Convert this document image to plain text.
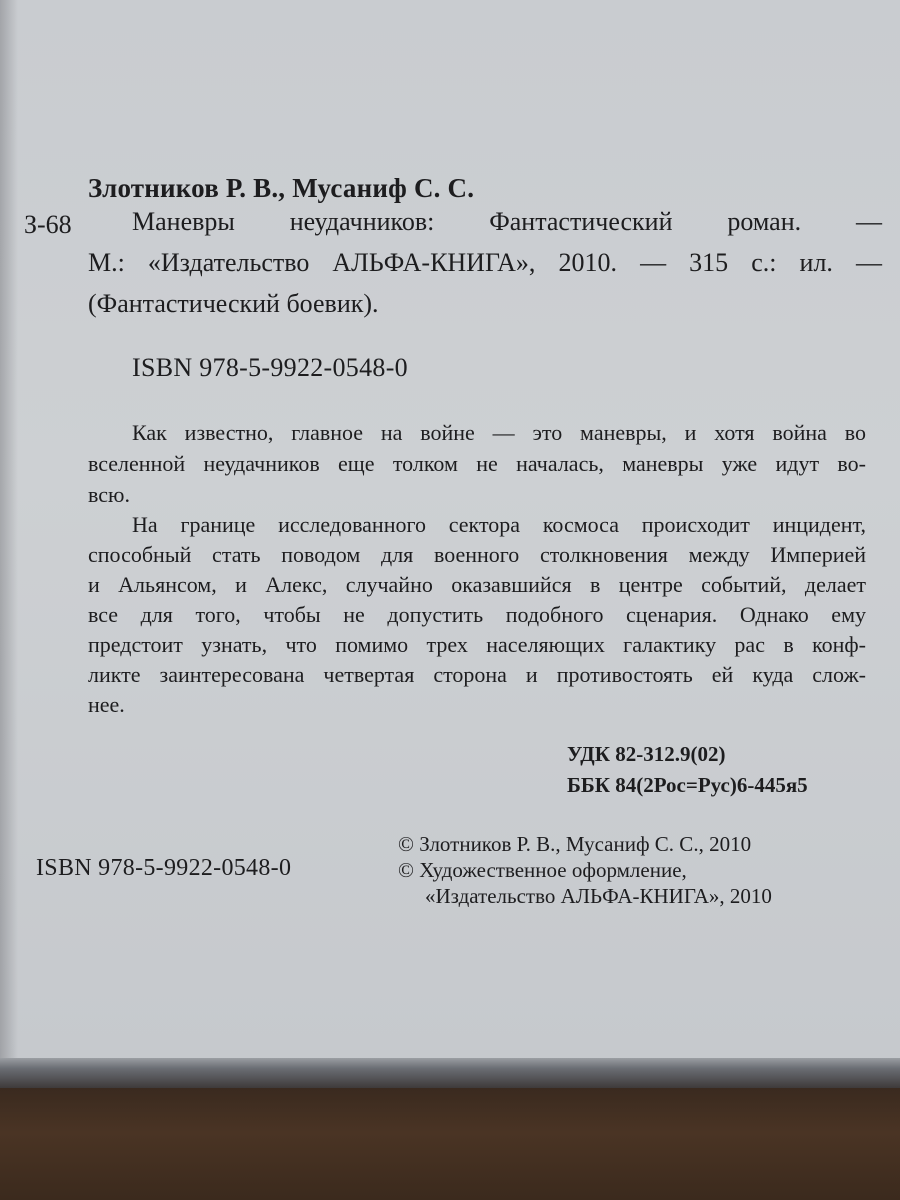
Злотников Р. В., Мусаниф С. С.
З-68 Маневры неудачников: Фантастический роман. —
М.: «Издательство АЛЬФА-КНИГА», 2010. — 315 с.: ил. —
(Фантастический боевик).
ISBN 978-5-9922-0548-0
Как известно, главное на войне — это маневры, и хотя война во
вселенной неудачников еще толком не началась, маневры уже идут во-
всю.
На границе исследованного сектора космоса происходит инцидент,
способный стать поводом для военного столкновения между Империей
и Альянсом, и Алекс, случайно оказавшийся в центре событий, делает
все для того, чтобы не допустить подобного сценария. Однако ему
предстоит узнать, что помимо трех населяющих галактику рас в конф-
ликте заинтересована четвертая сторона и противостоять ей куда слож-
нее.
УДК 82-312.9(02)
ББК 84(2Рос=Рус)6-445я5
ISBN 978-5-9922-0548-0
© Злотников Р. В., Мусаниф С. С., 2010
© Художественное оформление,
«Издательство АЛЬФА-КНИГА», 2010
